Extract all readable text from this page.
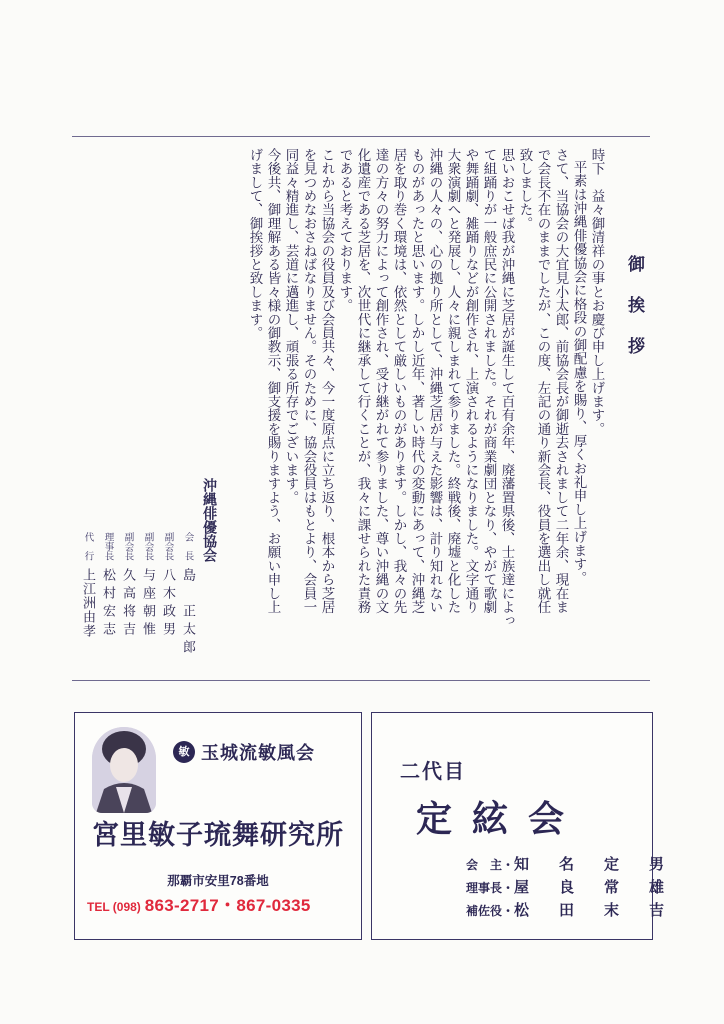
御挨拶
時下　益々御清祥の事とお慶び申し上げます。
平素は沖縄俳優協会に格段の御配慮を賜り、厚くお礼申し上げます。
さて、当協会の大宜見小太郎、前協会長が御逝去されまして二年余、現在ま
で会長不在のままでしたが、この度、左記の通り新会長、役員を選出し就任
致しました。
思いおこせば我が沖縄に芝居が誕生して百有余年、廃藩置県後、士族達によっ
て組踊りが一般庶民に公開されました。それが商業劇団となり、やがて歌劇
や舞踊劇、雑踊りなどが創作され、上演されるようになりました。文字通り
大衆演劇へと発展し、人々に親しまれて参りました。終戦後、廃墟と化した
沖縄の人々の、心の拠り所として、沖縄芝居が与えた影響は、計り知れない
ものがあったと思います。しかし近年、著しい時代の変動にあって、沖縄芝
居を取り巻く環境は、依然として厳しいものがあります。しかし、我々の先
達の方々の努力によって創作され、受け継がれて参りました、尊い沖縄の文
化遺産である芝居を、次世代に継承して行くことが、我々に課せられた責務
であると考えております。
これから当協会の役員及び会員共々、今一度原点に立ち返り、根本から芝居
を見つめなおさねばなりません。そのために、協会役員はもとより、会員一
同益々精進し、芸道に邁進し、頑張る所存でございます。
今後共、御理解ある皆々様の御教示、御支援を賜りますよう、お願い申し上
げまして、御挨拶と致します。
沖縄俳優協会
会　長
島　正太郎
副会長
八木政男
副会長
与座朝惟
副会長
久高将吉
理事長
松村宏志
代　行
上江洲由孝
敏 玉城流敏風会
宮里敏子琉舞研究所
那覇市安里78番地
TEL (098) 863-2717・867-0335
二代目
定絃会
会　主・知名定男
理事長・屋良常雄
補佐役・松田末吉
